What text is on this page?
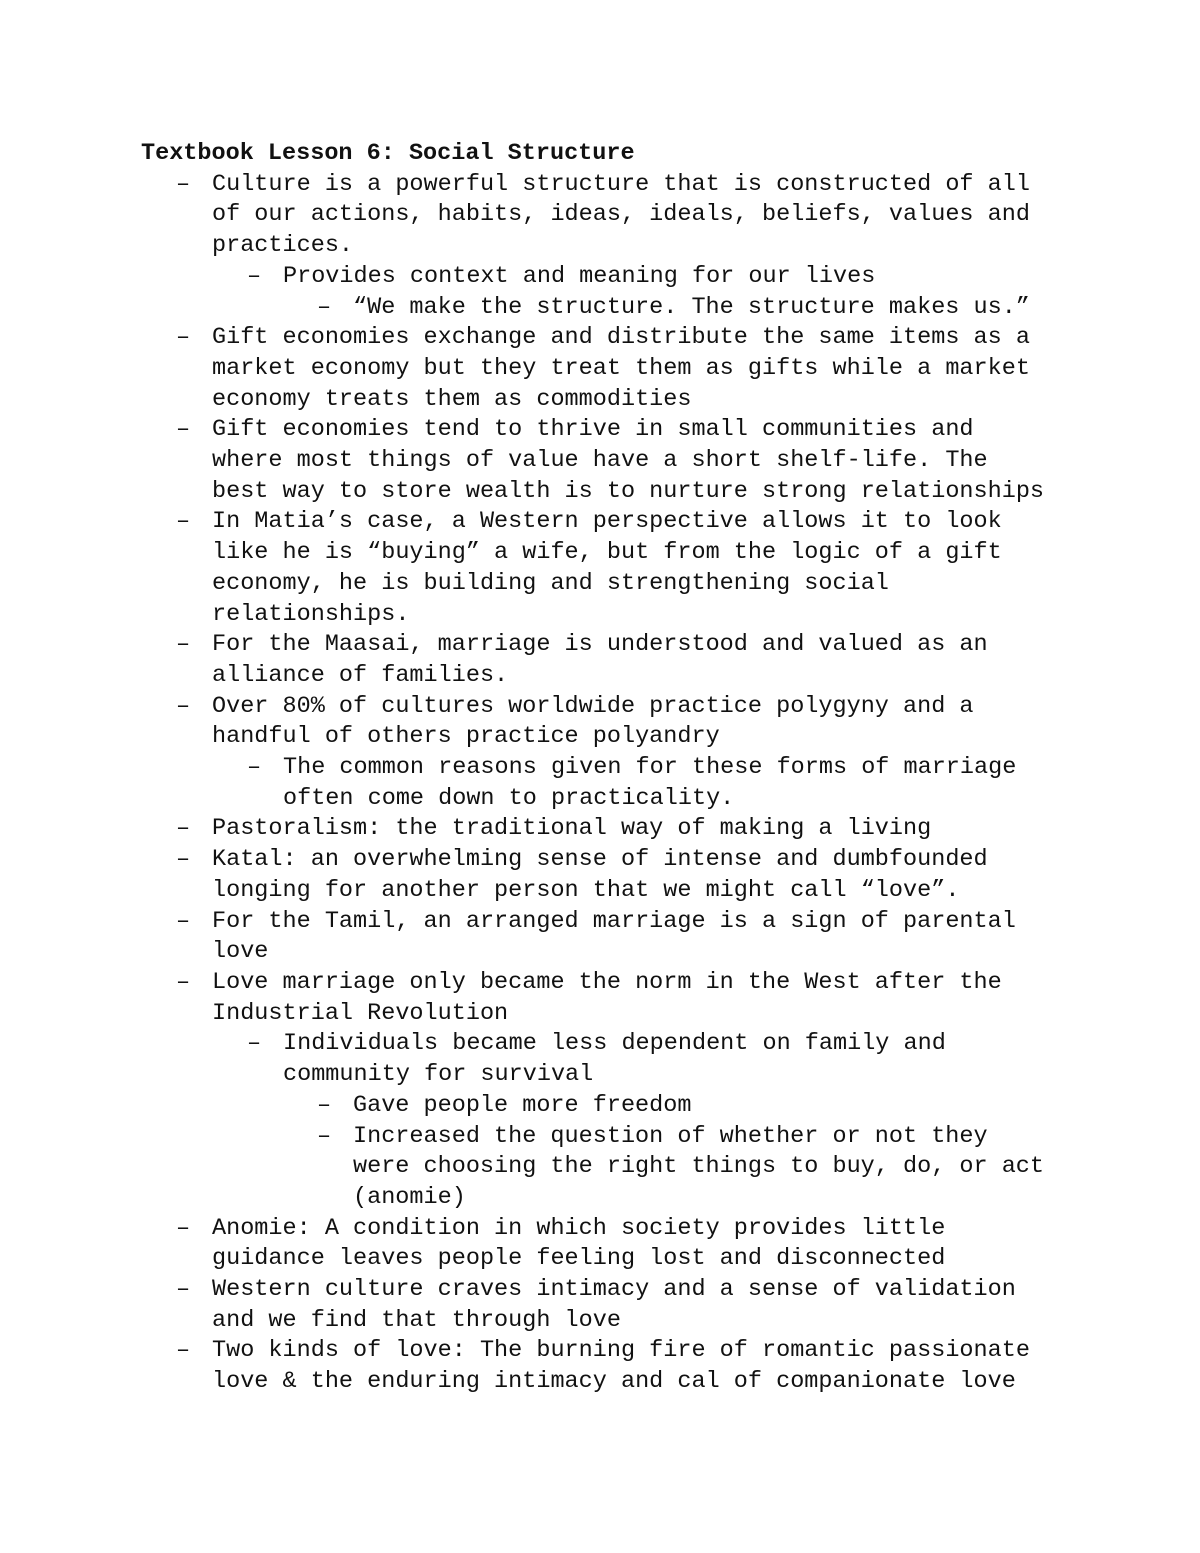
Textbook Lesson 6: Social Structure
– Culture is a powerful structure that is constructed of all
of our actions, habits, ideas, ideals, beliefs, values and
practices.
– Provides context and meaning for our lives
– “We make the structure. The structure makes us.”
– Gift economies exchange and distribute the same items as a
market economy but they treat them as gifts while a market
economy treats them as commodities
– Gift economies tend to thrive in small communities and
where most things of value have a short shelf-life. The
best way to store wealth is to nurture strong relationships
– In Matia’s case, a Western perspective allows it to look
like he is “buying” a wife, but from the logic of a gift
economy, he is building and strengthening social
relationships.
– For the Maasai, marriage is understood and valued as an
alliance of families.
– Over 80% of cultures worldwide practice polygyny and a
handful of others practice polyandry
– The common reasons given for these forms of marriage
often come down to practicality.
– Pastoralism: the traditional way of making a living
– Katal: an overwhelming sense of intense and dumbfounded
longing for another person that we might call “love”.
– For the Tamil, an arranged marriage is a sign of parental
love
– Love marriage only became the norm in the West after the
Industrial Revolution
– Individuals became less dependent on family and
community for survival
– Gave people more freedom
– Increased the question of whether or not they
were choosing the right things to buy, do, or act
(anomie)
– Anomie: A condition in which society provides little
guidance leaves people feeling lost and disconnected
– Western culture craves intimacy and a sense of validation
and we find that through love
– Two kinds of love: The burning fire of romantic passionate
love & the enduring intimacy and cal of companionate love
